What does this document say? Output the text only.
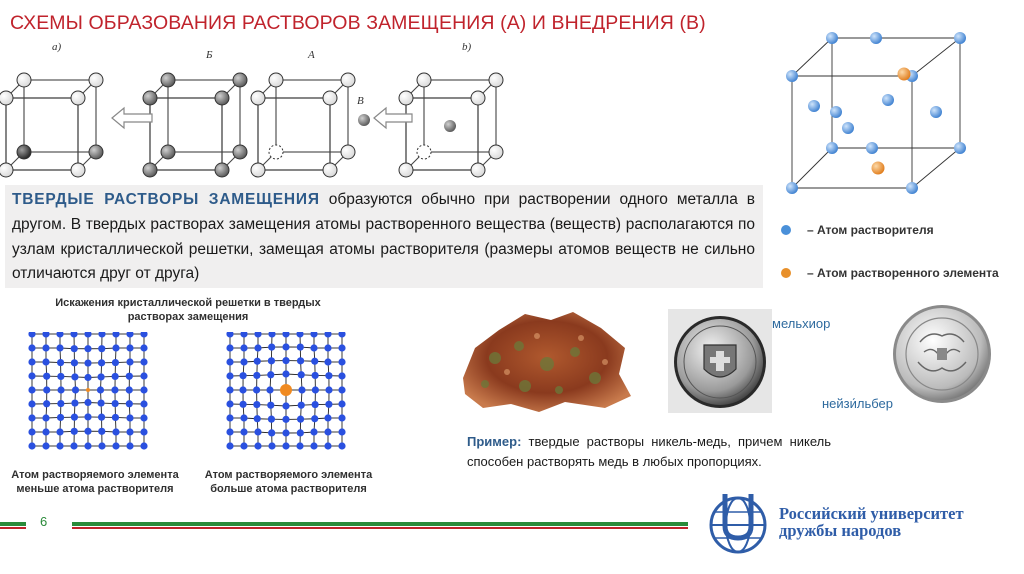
СХЕМЫ ОБРАЗОВАНИЯ РАСТВОРОВ ЗАМЕЩЕНИЯ (А) И ВНЕДРЕНИЯ (В)
а)
Б	А
В
b)
ТВЕРДЫЕ РАСТВОРЫ ЗАМЕЩЕНИЯ образуются обычно при растворении одного металла в другом. В твердых растворах замещения атомы растворенного вещества (веществ) располагаются по узлам кристаллической решетки, замещая атомы растворителя (размеры атомов веществ не сильно отличаются друг от друга)
– Атом растворителя
– Атом растворенного элемента
Искажения кристаллической решетки в твердых растворах замещения
Атом растворяемого элемента меньше атома растворителя
Атом растворяемого элемента больше атома растворителя
мельхиор
нейзи́льбер
Пример: твердые растворы никель-медь, причем никель способен растворять медь в любых пропорциях.
6	Российский университет
дружбы народов
